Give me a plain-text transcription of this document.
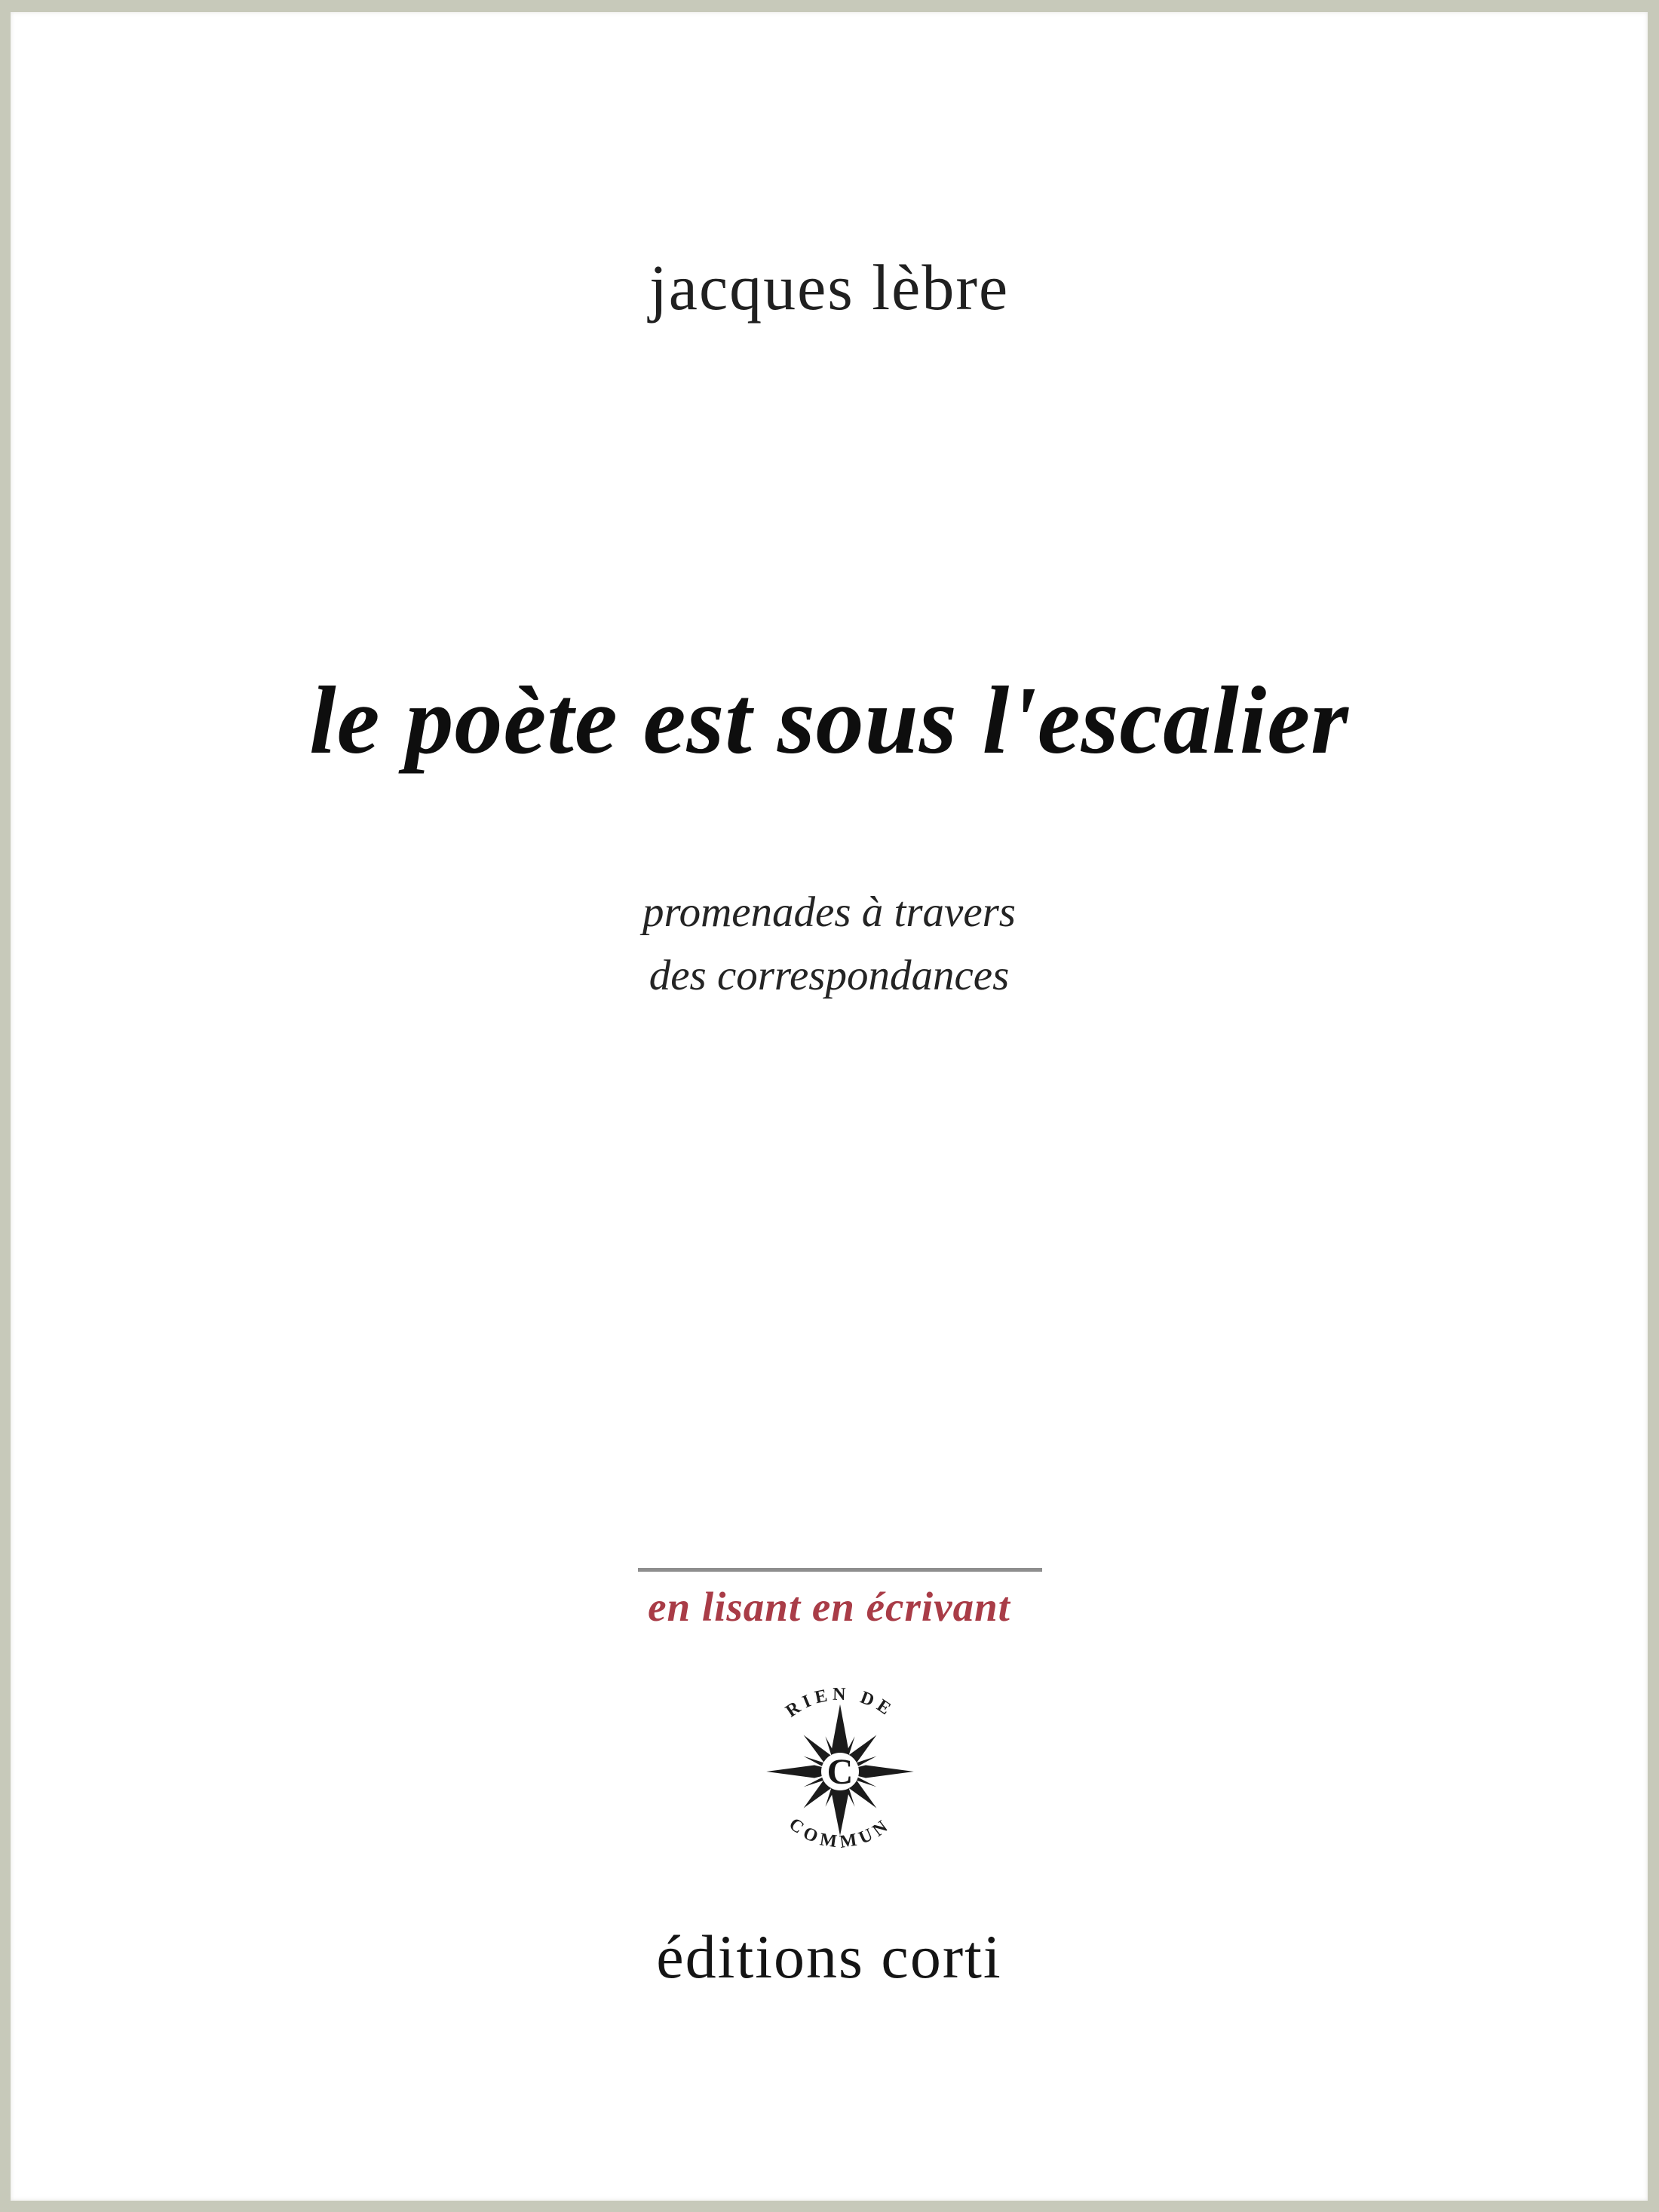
jacques lèbre
le poète est sous l'escalier
promenades à travers
des correspondances
en lisant en écrivant
RIEN DE
COMMUN
C
éditions corti
